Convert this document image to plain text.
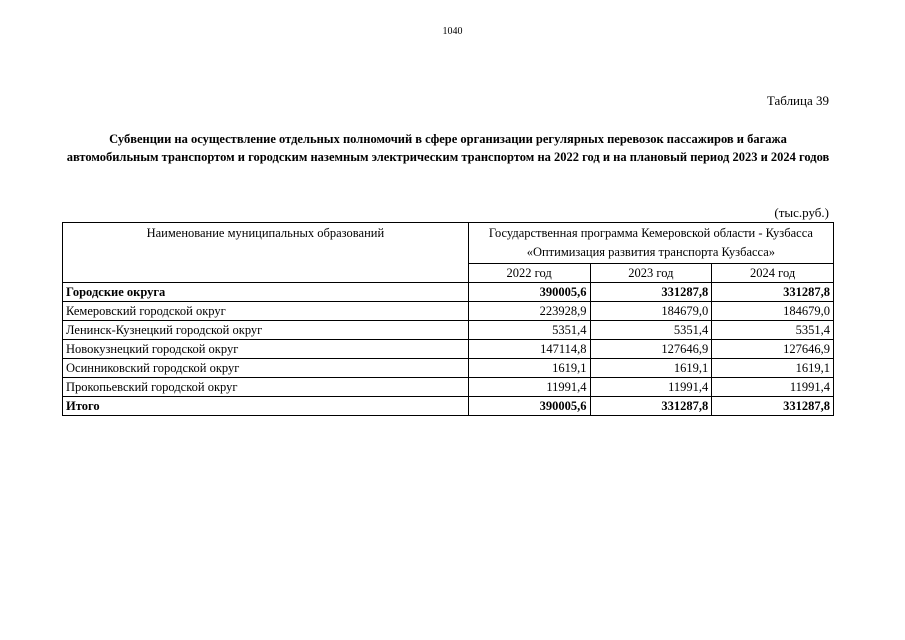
1040
Таблица 39
Субвенции на осуществление отдельных полномочий в сфере организации регулярных перевозок пассажиров и багажа автомобильным транспортом и городским наземным электрическим транспортом на 2022 год и на плановый период 2023 и 2024 годов
(тыс.руб.)
Наименование муниципальных образований	Государственная программа Кемеровской области - Кузбасса «Оптимизация развития транспорта Кузбасса»		
	2022 год	2023 год	2024 год
Городские округа	390005,6	331287,8	331287,8
Кемеровский городской округ	223928,9	184679,0	184679,0
Ленинск-Кузнецкий городской округ	5351,4	5351,4	5351,4
Новокузнецкий городской округ	147114,8	127646,9	127646,9
Осинниковский городской округ	1619,1	1619,1	1619,1
Прокопьевский городской округ	11991,4	11991,4	11991,4
Итого	390005,6	331287,8	331287,8
